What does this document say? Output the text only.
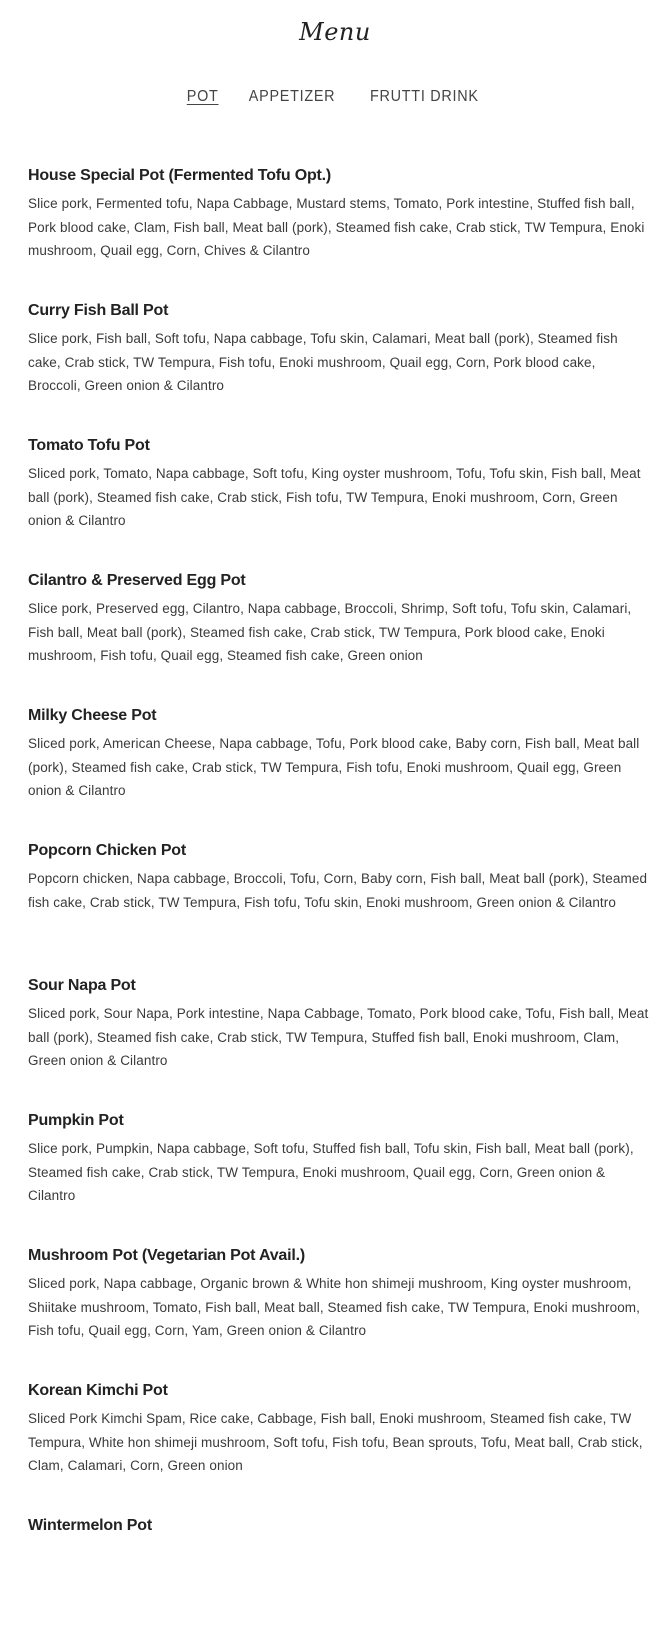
Menu
POT APPETIZER FRUTTI DRINK
House Special Pot (Fermented Tofu Opt.)

Slice pork, Fermented tofu, Napa Cabbage, Mustard stems, Tomato, Pork intestine, Stuffed fish ball, Pork blood cake, Clam, Fish ball, Meat ball (pork), Steamed fish cake, Crab stick, TW Tempura, Enoki mushroom, Quail egg, Corn, Chives & Cilantro

Curry Fish Ball Pot

Slice pork, Fish ball, Soft tofu, Napa cabbage, Tofu skin, Calamari, Meat ball (pork), Steamed fish cake, Crab stick, TW Tempura, Fish tofu, Enoki mushroom, Quail egg, Corn, Pork blood cake, Broccoli, Green onion & Cilantro

Tomato Tofu Pot

Sliced pork, Tomato, Napa cabbage, Soft tofu, King oyster mushroom, Tofu, Tofu skin, Fish ball, Meat ball (pork), Steamed fish cake, Crab stick, Fish tofu, TW Tempura, Enoki mushroom, Corn, Green onion & Cilantro

Cilantro & Preserved Egg Pot

Slice pork, Preserved egg, Cilantro, Napa cabbage, Broccoli, Shrimp, Soft tofu, Tofu skin, Calamari, Fish ball, Meat ball (pork), Steamed fish cake, Crab stick, TW Tempura, Pork blood cake, Enoki mushroom, Fish tofu, Quail egg, Steamed fish cake, Green onion

Milky Cheese Pot

Sliced pork, American Cheese, Napa cabbage, Tofu, Pork blood cake, Baby corn, Fish ball, Meat ball (pork), Steamed fish cake, Crab stick, TW Tempura, Fish tofu, Enoki mushroom, Quail egg, Green onion & Cilantro

Popcorn Chicken Pot

Popcorn chicken, Napa cabbage, Broccoli, Tofu, Corn, Baby corn, Fish ball, Meat ball (pork), Steamed fish cake, Crab stick, TW Tempura, Fish tofu, Tofu skin, Enoki mushroom, Green onion & Cilantro

Sour Napa Pot

Sliced pork, Sour Napa, Pork intestine, Napa Cabbage, Tomato, Pork blood cake, Tofu, Fish ball, Meat ball (pork), Steamed fish cake, Crab stick, TW Tempura, Stuffed fish ball, Enoki mushroom, Clam, Green onion & Cilantro

Pumpkin Pot

Slice pork, Pumpkin, Napa cabbage, Soft tofu, Stuffed fish ball, Tofu skin, Fish ball, Meat ball (pork), Steamed fish cake, Crab stick, TW Tempura, Enoki mushroom, Quail egg, Corn, Green onion & Cilantro

Mushroom Pot (Vegetarian Pot Avail.)

Sliced pork, Napa cabbage, Organic brown & White hon shimeji mushroom, King oyster mushroom, Shiitake mushroom, Tomato, Fish ball, Meat ball, Steamed fish cake, TW Tempura, Enoki mushroom, Fish tofu, Quail egg, Corn, Yam, Green onion & Cilantro

Korean Kimchi Pot

Sliced Pork Kimchi Spam, Rice cake, Cabbage, Fish ball, Enoki mushroom, Steamed fish cake, TW Tempura, White hon shimeji mushroom, Soft tofu, Fish tofu, Bean sprouts, Tofu, Meat ball, Crab stick, Clam, Calamari, Corn, Green onion

Wintermelon Pot
